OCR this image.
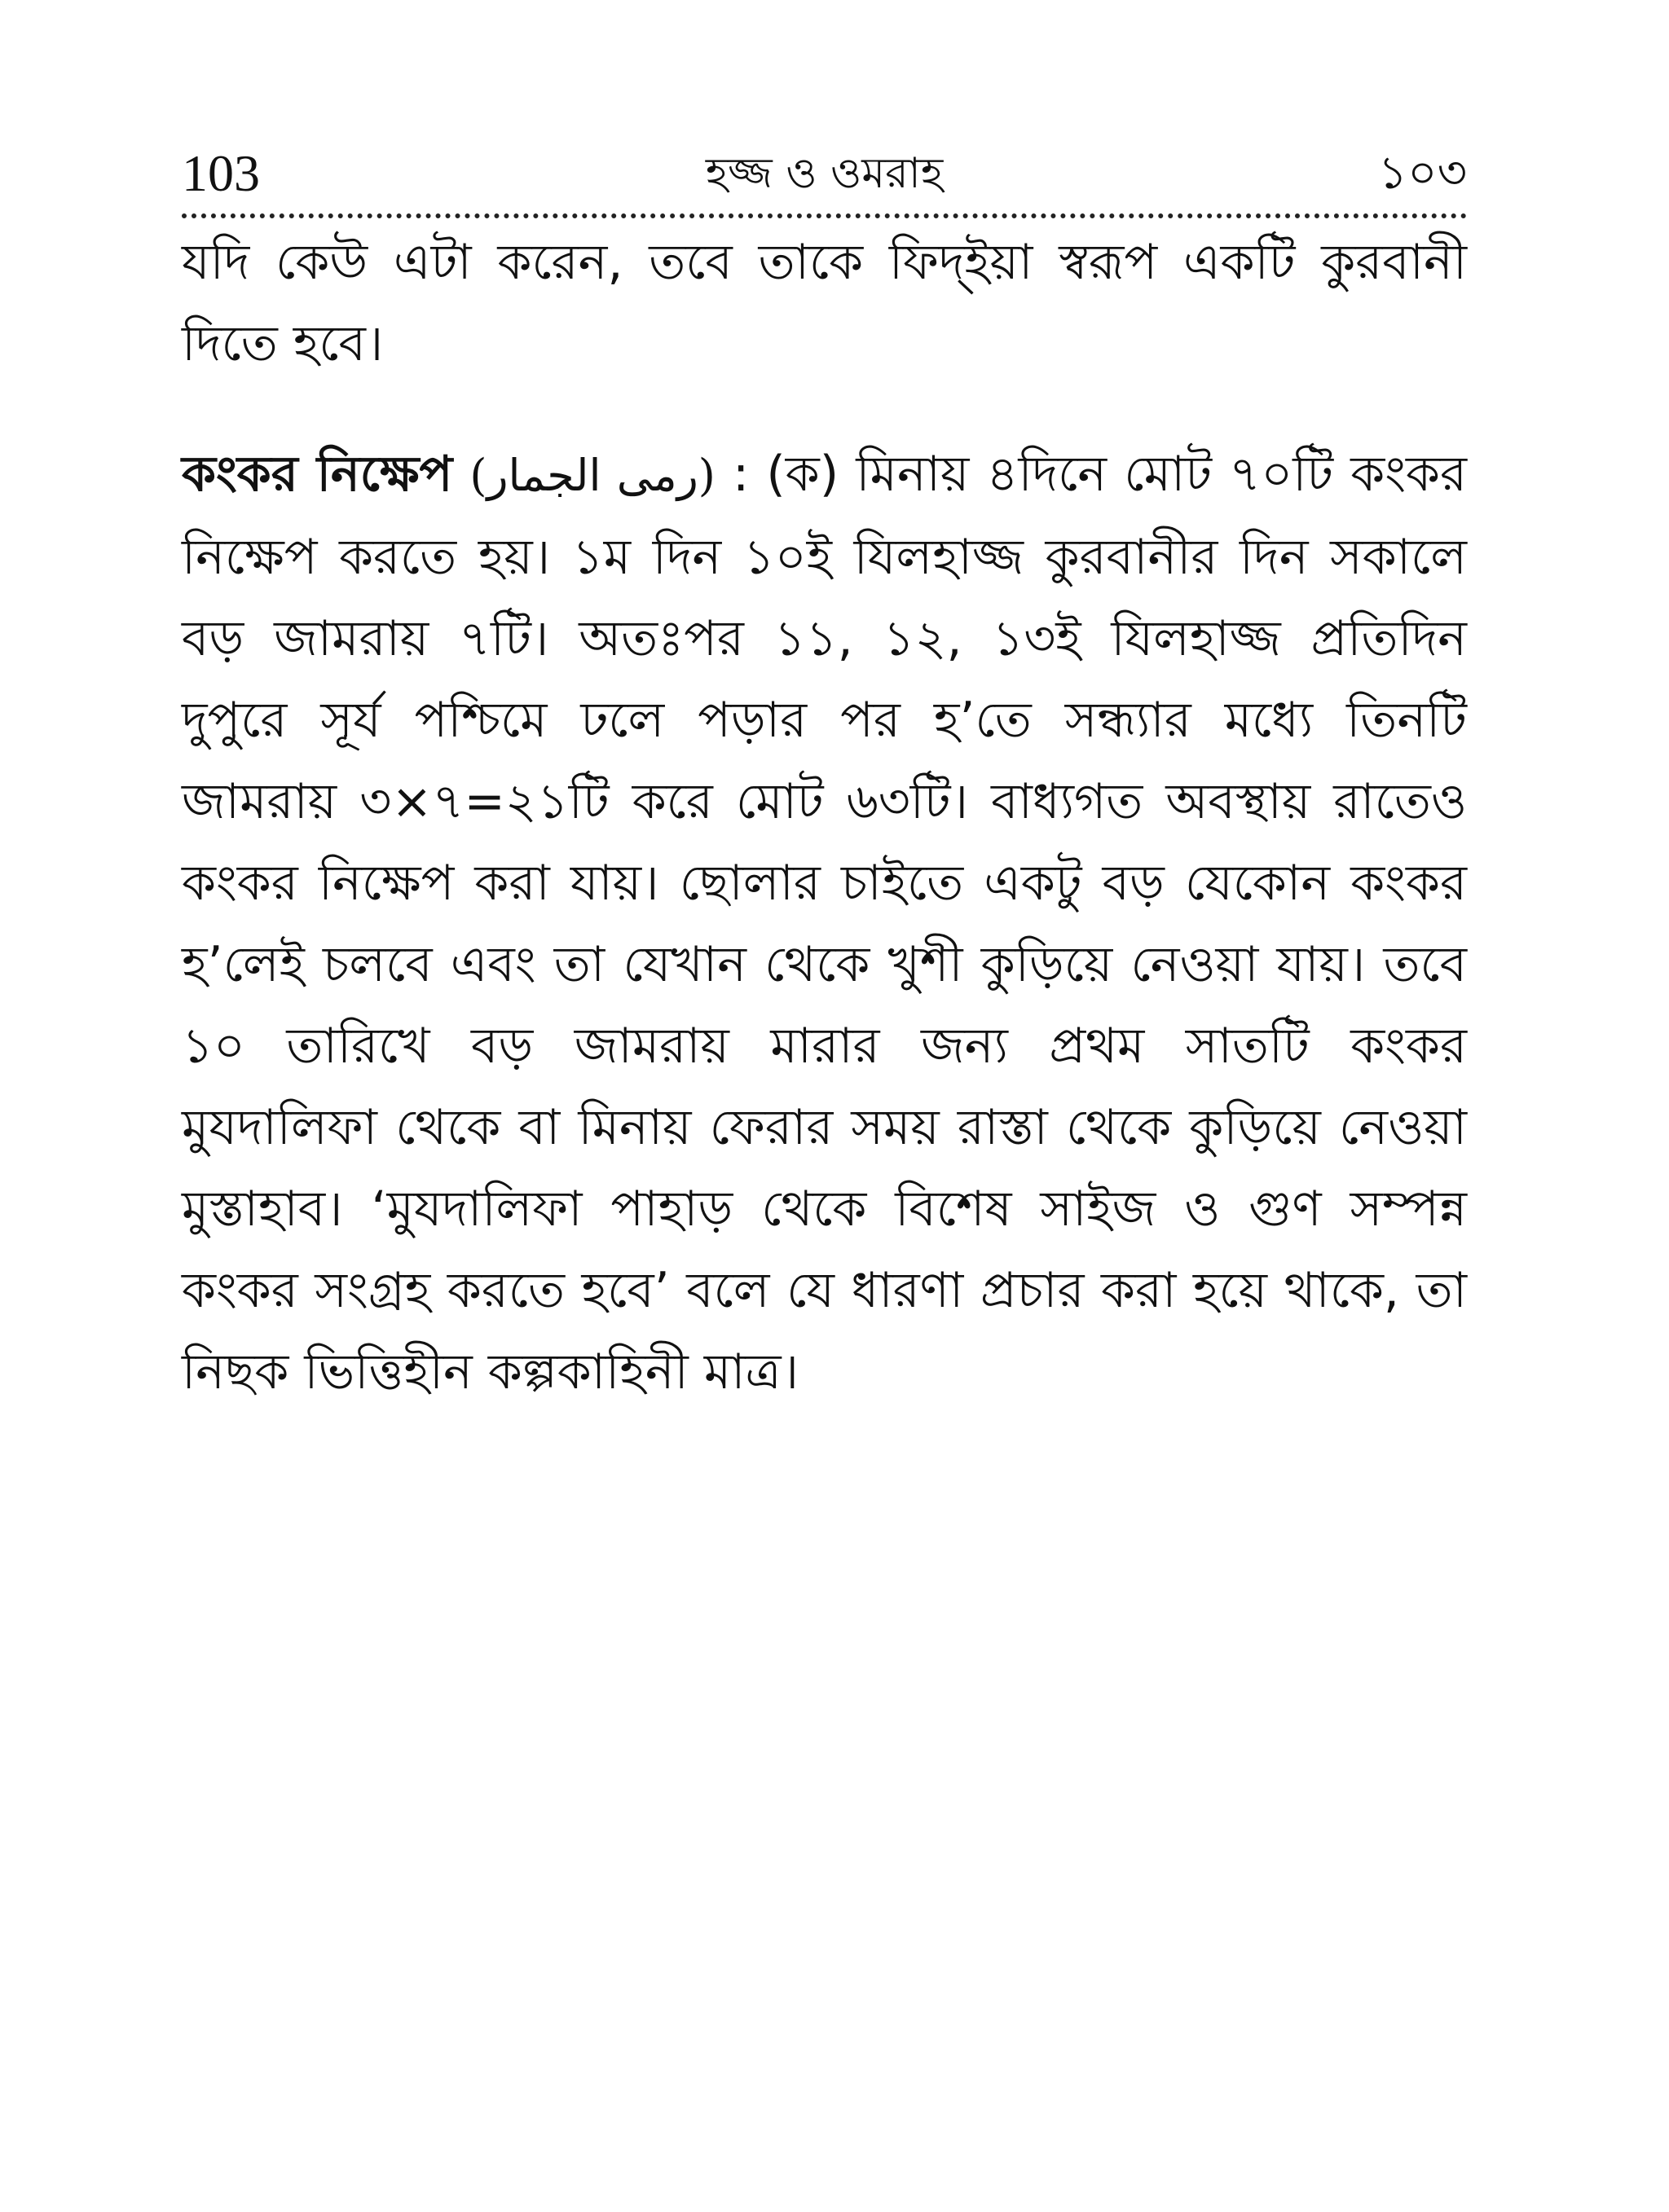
103	হজ্জ ও ওমরাহ	১০৩

যদি কেউ এটা করেন, তবে তাকে ফিদ্ইয়া স্বরূপ একটি কুরবানী দিতে হবে।

কংকর নিক্ষেপ (رمى الجمار) : (ক) মিনায় ৪দিনে মোট ৭০টি কংকর নিক্ষেপ করতে হয়। ১ম দিন ১০ই যিলহাজ্জ কুরবানীর দিন সকালে বড় জামরায় ৭টি। অতঃপর ১১, ১২, ১৩ই যিলহাজ্জ প্রতিদিন দুপুরে সূর্য পশ্চিমে ঢলে পড়ার পর হ’তে সন্ধ্যার মধ্যে তিনটি জামরায় ৩×৭=২১টি করে মোট ৬৩টি। বাধ্যগত অবস্থায় রাতেও কংকর নিক্ষেপ করা যায়। ছোলার চাইতে একটু বড় যেকোন কংকর হ’লেই চলবে এবং তা যেখান থেকে খুশী কুড়িয়ে নেওয়া যায়। তবে ১০ তারিখে বড় জামরায় মারার জন্য প্রথম সাতটি কংকর মুযদালিফা থেকে বা মিনায় ফেরার সময় রাস্তা থেকে কুড়িয়ে নেওয়া মুস্তাহাব। ‘মুযদালিফা পাহাড় থেকে বিশেষ সাইজ ও গুণ সম্পন্ন কংকর সংগ্রহ করতে হবে’ বলে যে ধারণা প্রচার করা হয়ে থাকে, তা নিছক ভিত্তিহীন কল্পকাহিনী মাত্র।
